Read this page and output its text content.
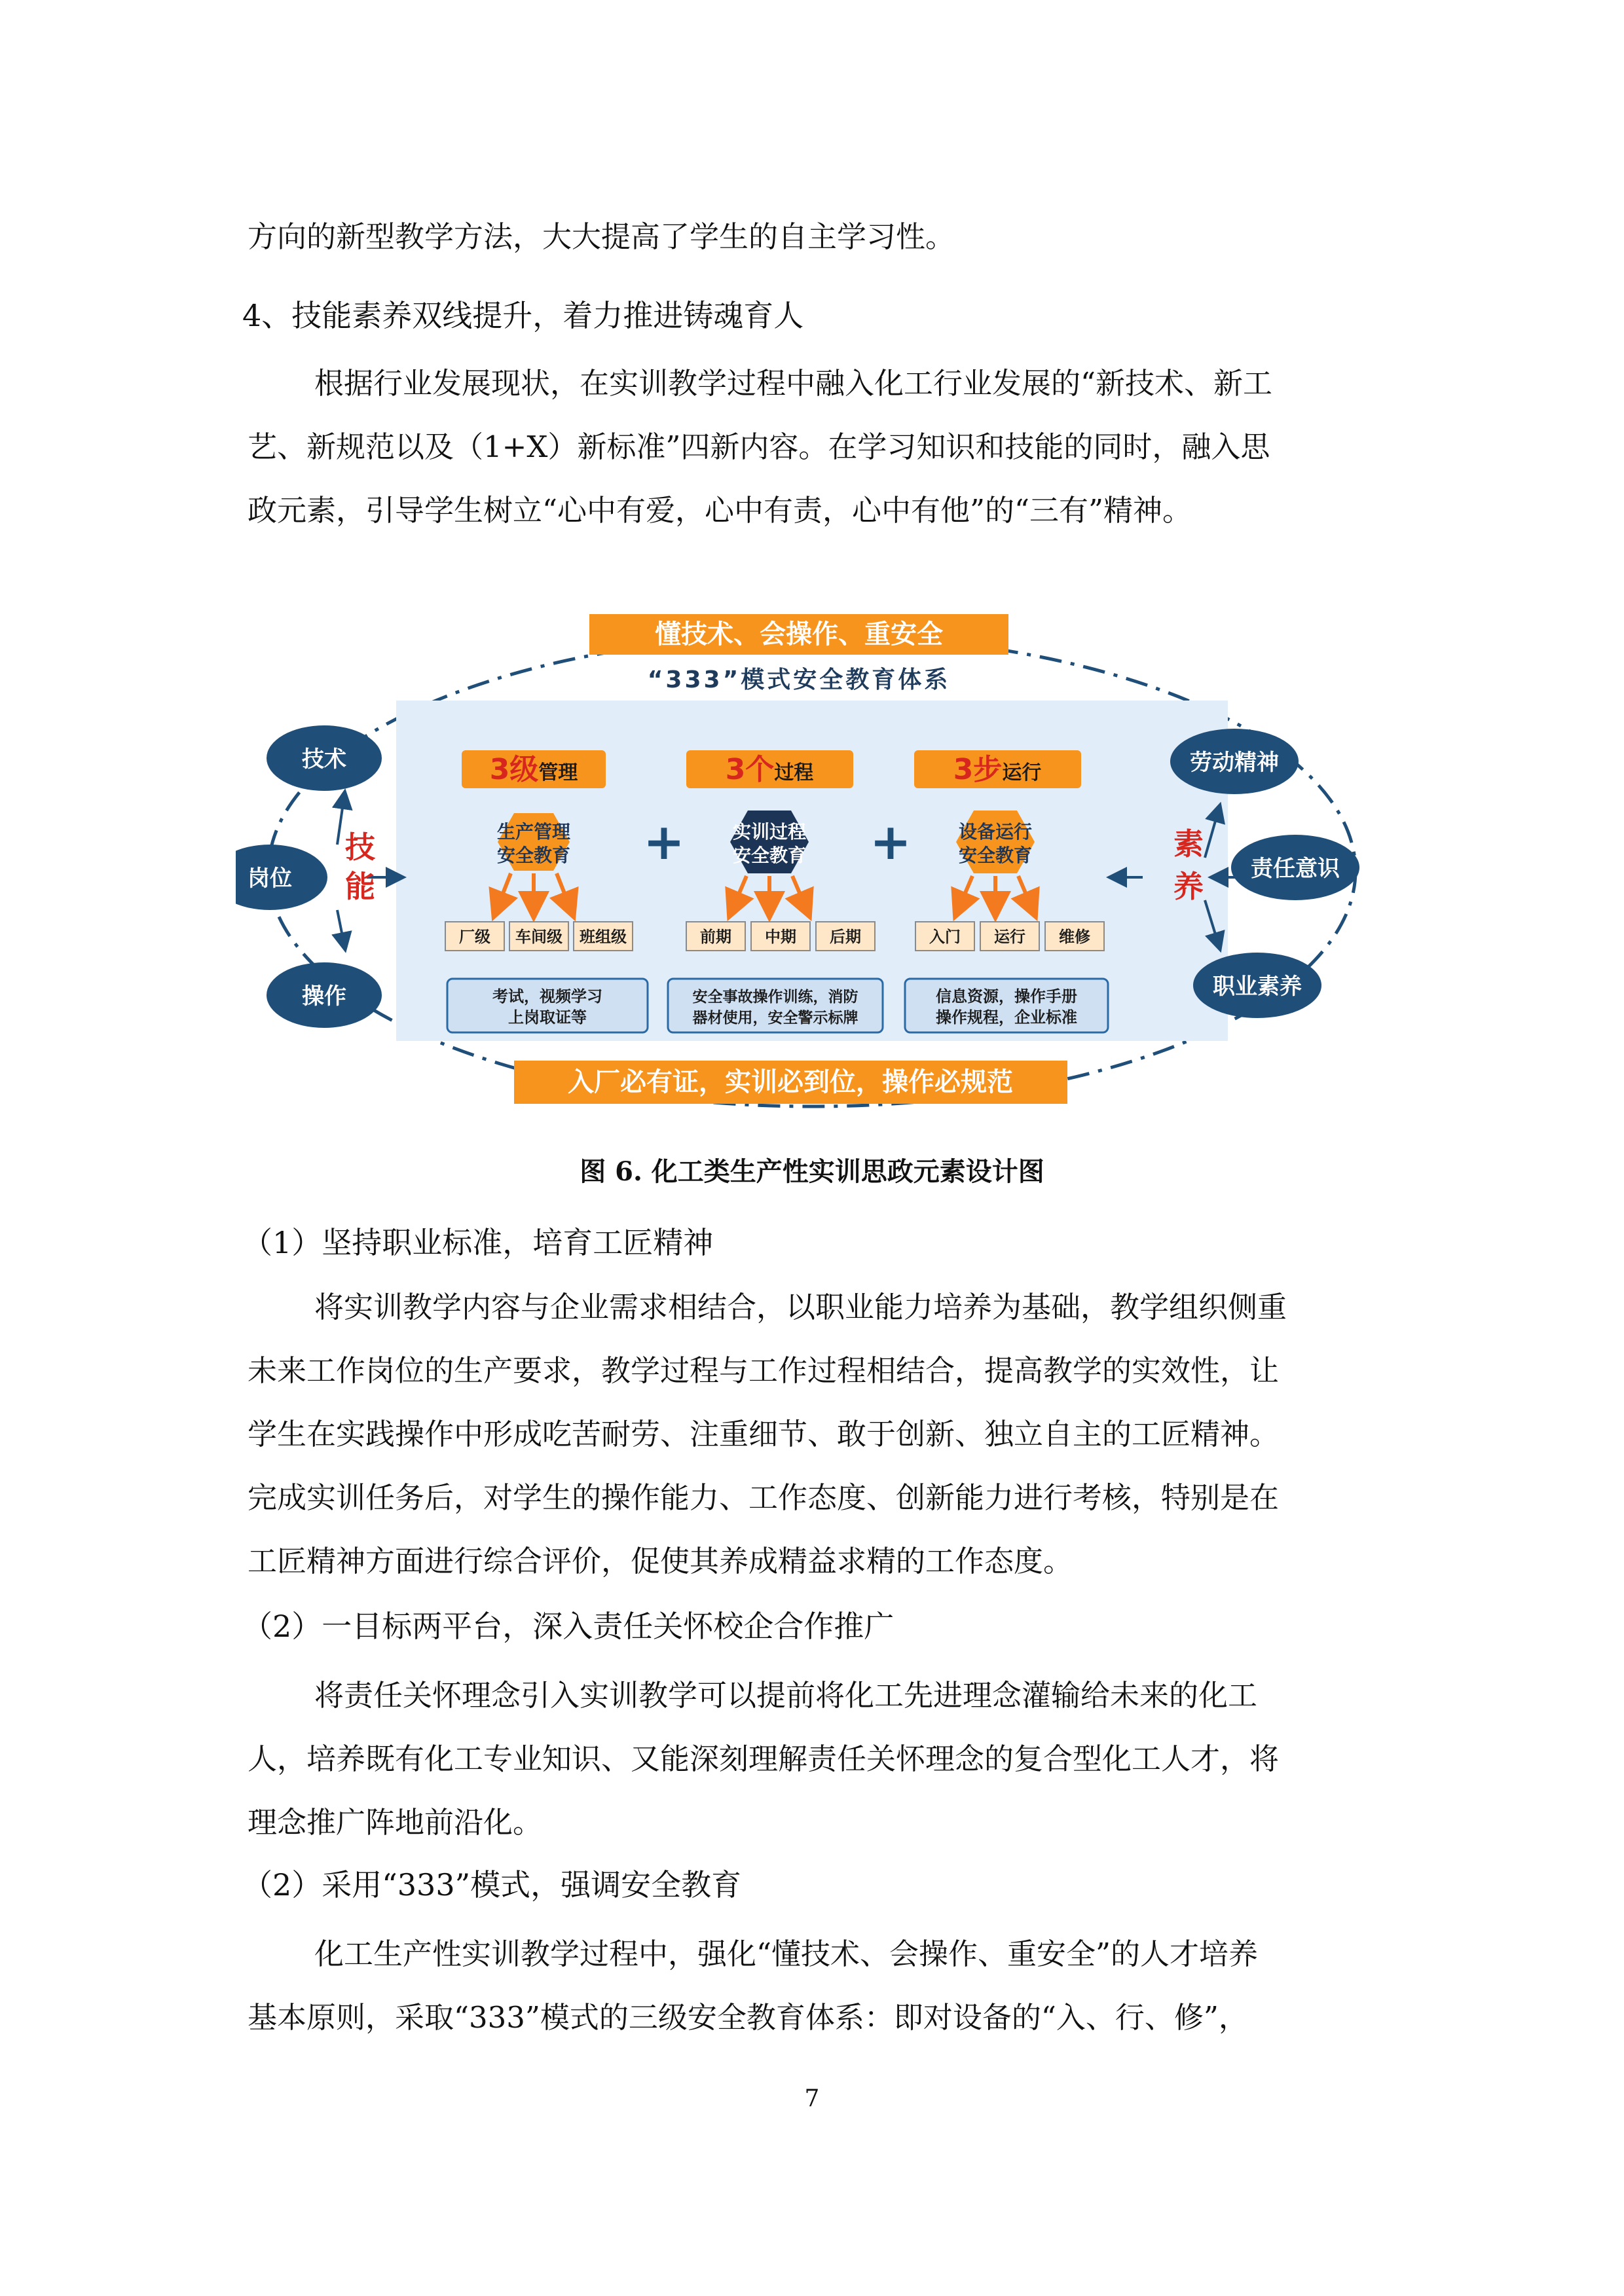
方向的新型教学方法，大大提高了学生的自主学习性。
4、技能素养双线提升，着力推进铸魂育人
根据行业发展现状，在实训教学过程中融入化工行业发展的“新技术、新工
艺、新规范以及（1+X）新标准”四新内容。在学习知识和技能的同时，融入思
政元素，引导学生树立“心中有爱，心中有责，心中有他”的“三有”精神。
懂技术、会操作、重安全
“333”模式安全教育体系
技术
岗位
操作
技
能
劳动精神
责任意识
职业素养
素
养
3级管理
生产管理
安全教育
厂级 车间级 班组级
考试，视频学习
上岗取证等
+
3个过程
实训过程
安全教育
前期 中期 后期
安全事故操作训练，消防
器材使用，安全警示标牌
+
3步运行
设备运行
安全教育
入门 运行 维修
信息资源，操作手册
操作规程，企业标准
入厂必有证，实训必到位，操作必规范
图 6. 化工类生产性实训思政元素设计图
（1）坚持职业标准，培育工匠精神
将实训教学内容与企业需求相结合，以职业能力培养为基础，教学组织侧重
未来工作岗位的生产要求，教学过程与工作过程相结合，提高教学的实效性，让
学生在实践操作中形成吃苦耐劳、注重细节、敢于创新、独立自主的工匠精神。
完成实训任务后，对学生的操作能力、工作态度、创新能力进行考核，特别是在
工匠精神方面进行综合评价，促使其养成精益求精的工作态度。
（2）一目标两平台，深入责任关怀校企合作推广
将责任关怀理念引入实训教学可以提前将化工先进理念灌输给未来的化工
人，培养既有化工专业知识、又能深刻理解责任关怀理念的复合型化工人才，将
理念推广阵地前沿化。
（2）采用“333”模式，强调安全教育
化工生产性实训教学过程中，强化“懂技术、会操作、重安全”的人才培养
基本原则，采取“333”模式的三级安全教育体系：即对设备的“入、行、修”，
7
